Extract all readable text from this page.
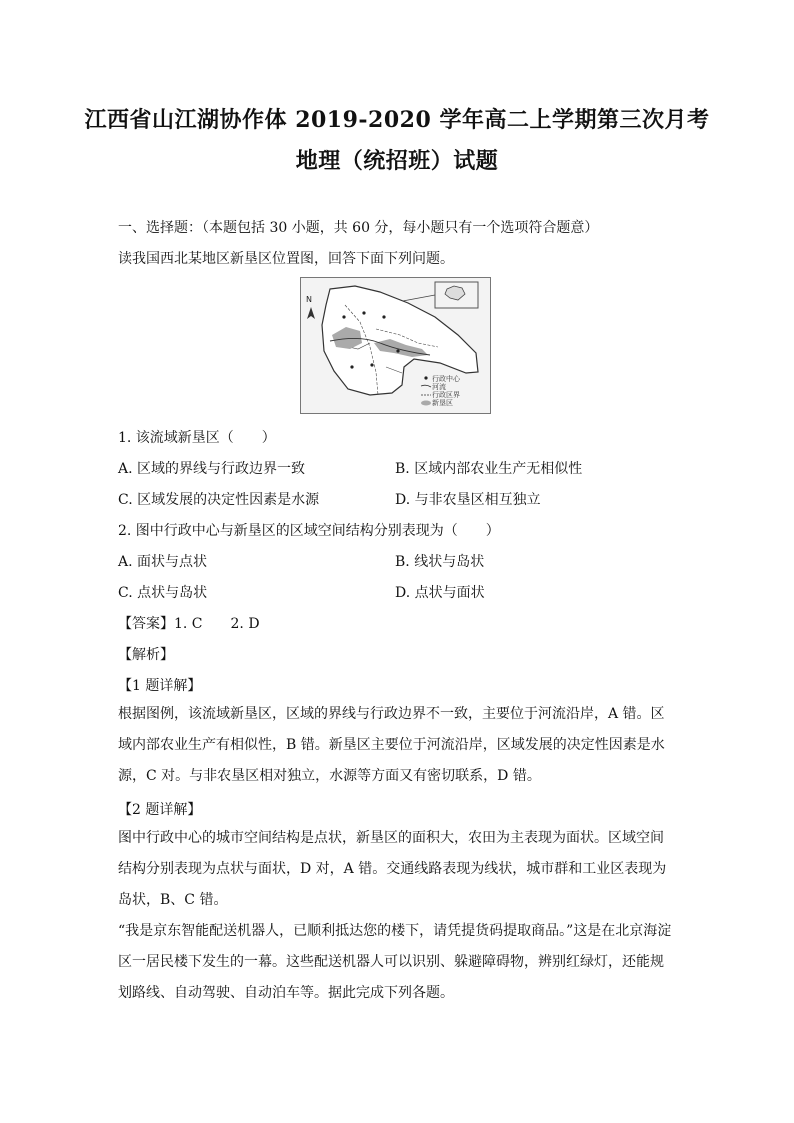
江西省山江湖协作体 2019-2020 学年高二上学期第三次月考
地理（统招班）试题
一、选择题：（本题包括 30 小题，共 60 分，每小题只有一个选项符合题意）
读我国西北某地区新垦区位置图，回答下面下列问题。
N
行政中心
河流
行政区界
新垦区
1. 该流域新垦区（　　）
A. 区域的界线与行政边界一致	B. 区域内部农业生产无相似性
C. 区域发展的决定性因素是水源	D. 与非农垦区相互独立
2. 图中行政中心与新垦区的区域空间结构分别表现为（　　）
A. 面状与点状	B. 线状与岛状
C. 点状与岛状	D. 点状与面状
【答案】1. C　　2. D
【解析】
【1 题详解】
根据图例，该流域新垦区，区域的界线与行政边界不一致，主要位于河流沿岸，A 错。区域内部农业生产有相似性，B 错。新垦区主要位于河流沿岸，区域发展的决定性因素是水源，C 对。与非农垦区相对独立，水源等方面又有密切联系，D 错。
【2 题详解】
图中行政中心的城市空间结构是点状，新垦区的面积大，农田为主表现为面状。区域空间结构分别表现为点状与面状，D 对，A 错。交通线路表现为线状，城市群和工业区表现为岛状，B、C 错。
“我是京东智能配送机器人，已顺利抵达您的楼下，请凭提货码提取商品。”这是在北京海淀区一居民楼下发生的一幕。这些配送机器人可以识别、躲避障碍物，辨别红绿灯，还能规划路线、自动驾驶、自动泊车等。据此完成下列各题。
